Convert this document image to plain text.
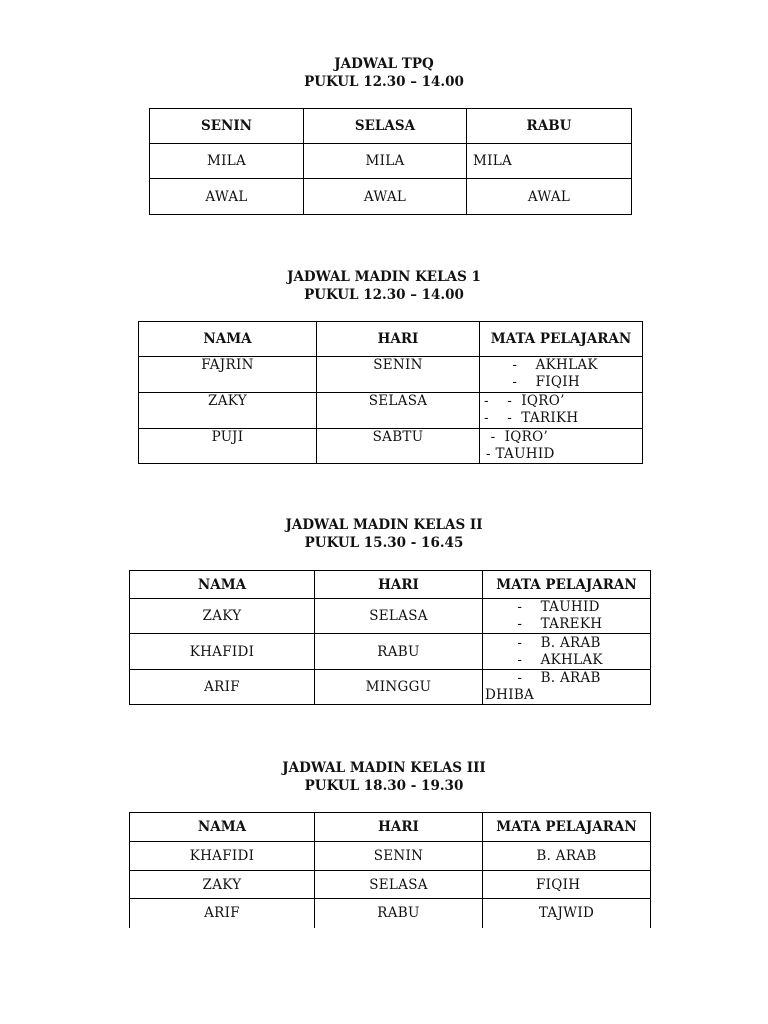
JADWAL TPQ
PUKUL 12.30 – 14.00
SENIN	SELASA	RABU
MILA	MILA	MILA
AWAL	AWAL	AWAL
JADWAL MADIN KELAS 1
PUKUL 12.30 – 14.00
NAMA	HARI	MATA PELAJARAN
FAJRIN	SENIN	-    AKHLAK
-    FIQIH

ZAKY	SELASA	-    -  IQRO’
-    -  TARIKH

PUJI	SABTU	-  IQRO’
- TAUHID
JADWAL MADIN KELAS II
PUKUL 15.30 - 16.45
NAMA	HARI	MATA PELAJARAN
ZAKY	SELASA	-    TAUHID
-    TAREKH

KHAFIDI	RABU	-    B. ARAB
-    AKHLAK

ARIF	MINGGU	-    B. ARAB
DHIBA
JADWAL MADIN KELAS III
PUKUL 18.30 - 19.30
NAMA	HARI	MATA PELAJARAN
KHAFIDI	SENIN	B. ARAB
ZAKY	SELASA	FIQIH
ARIF	RABU	TAJWID
